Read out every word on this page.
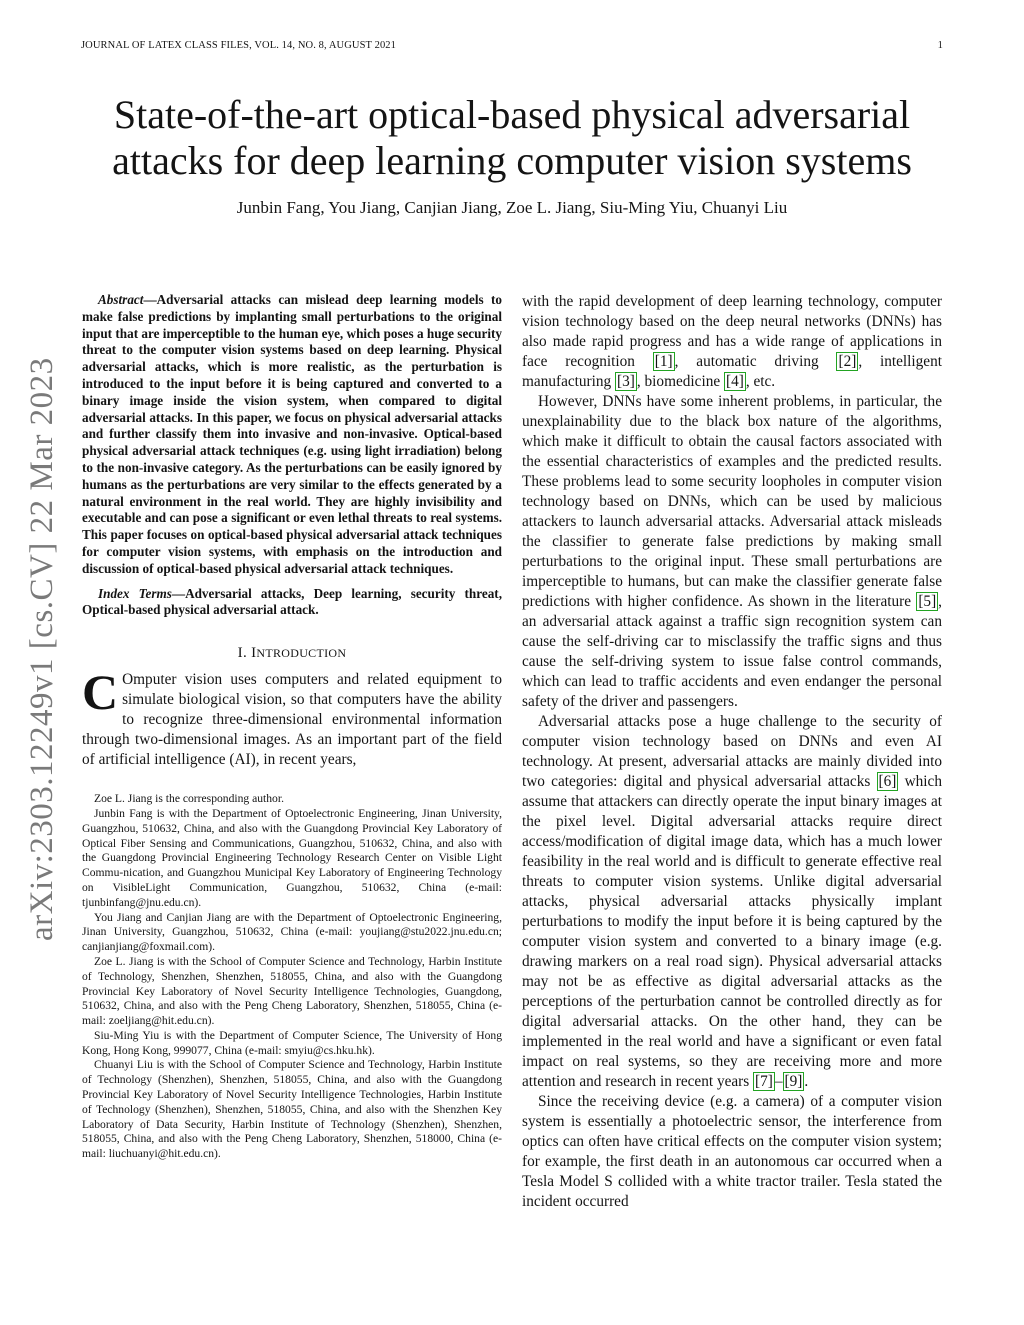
JOURNAL OF LATEX CLASS FILES, VOL. 14, NO. 8, AUGUST 2021	1
arXiv:2303.12249v1 [cs.CV] 22 Mar 2023
State-of-the-art optical-based physical adversarial attacks for deep learning computer vision systems
Junbin Fang, You Jiang, Canjian Jiang, Zoe L. Jiang, Siu-Ming Yiu, Chuanyi Liu

Abstract—Adversarial attacks can mislead deep learning models to make false predictions by implanting small perturbations to the original input that are imperceptible to the human eye, which poses a huge security threat to the computer vision systems based on deep learning. Physical adversarial attacks, which is more realistic, as the perturbation is introduced to the input before it is being captured and converted to a binary image inside the vision system, when compared to digital adversarial attacks. In this paper, we focus on physical adversarial attacks and further classify them into invasive and non-invasive. Optical-based physical adversarial attack techniques (e.g. using light irradiation) belong to the non-invasive category. As the perturbations can be easily ignored by humans as the perturbations are very similar to the effects generated by a natural environment in the real world. They are highly invisibility and executable and can pose a significant or even lethal threats to real systems. This paper focuses on optical-based physical adversarial attack techniques for computer vision systems, with emphasis on the introduction and discussion of optical-based physical adversarial attack techniques.

Index Terms—Adversarial attacks, Deep learning, security threat, Optical-based physical adversarial attack.

I. INTRODUCTION

C Omputer vision uses computers and related equipment to simulate biological vision, so that computers have the ability to recognize three-dimensional environmental information through two-dimensional images. As an important part of the field of artificial intelligence (AI), in recent years,

Zoe L. Jiang is the corresponding author.

Junbin Fang is with the Department of Optoelectronic Engineering, Jinan University, Guangzhou, 510632, China, and also with the Guangdong Provincial Key Laboratory of Optical Fiber Sensing and Communications, Guangzhou, 510632, China, and also with the Guangdong Provincial Engineering Technology Research Center on Visible Light Commu-nication, and Guangzhou Municipal Key Laboratory of Engineering Technology on VisibleLight Communication, Guangzhou, 510632, China (e-mail: tjunbinfang@jnu.edu.cn).

You Jiang and Canjian Jiang are with the Department of Optoelectronic Engineering, Jinan University, Guangzhou, 510632, China (e-mail: youjiang@stu2022.jnu.edu.cn; canjianjiang@foxmail.com).

Zoe L. Jiang is with the School of Computer Science and Technology, Harbin Institute of Technology, Shenzhen, Shenzhen, 518055, China, and also with the Guangdong Provincial Key Laboratory of Novel Security Intelligence Technologies, Guangdong, 510632, China, and also with the Peng Cheng Laboratory, Shenzhen, 518055, China (e-mail: zoeljiang@hit.edu.cn).

Siu-Ming Yiu is with the Department of Computer Science, The University of Hong Kong, Hong Kong, 999077, China (e-mail: smyiu@cs.hku.hk).

Chuanyi Liu is with the School of Computer Science and Technology, Harbin Institute of Technology (Shenzhen), Shenzhen, 518055, China, and also with the Guangdong Provincial Key Laboratory of Novel Security Intelligence Technologies, Harbin Institute of Technology (Shenzhen), Shenzhen, 518055, China, and also with the Shenzhen Key Laboratory of Data Security, Harbin Institute of Technology (Shenzhen), Shenzhen, 518055, China, and also with the Peng Cheng Laboratory, Shenzhen, 518000, China (e-mail: liuchuanyi@hit.edu.cn).

with the rapid development of deep learning technology, computer vision technology based on the deep neural networks (DNNs) has also made rapid progress and has a wide range of applications in face recognition [1] , automatic driving [2] , intelligent manufacturing [3] , biomedicine [4] , etc.

However, DNNs have some inherent problems, in particular, the unexplainability due to the black box nature of the algorithms, which make it difficult to obtain the causal factors associated with the essential characteristics of examples and the predicted results. These problems lead to some security loopholes in computer vision technology based on DNNs, which can be used by malicious attackers to launch adversarial attacks. Adversarial attack misleads the classifier to generate false predictions by making small perturbations to the original input. These small perturbations are imperceptible to humans, but can make the classifier generate false predictions with higher confidence. As shown in the literature [5] , an adversarial attack against a traffic sign recognition system can cause the self-driving car to misclassify the traffic signs and thus cause the self-driving system to issue false control commands, which can lead to traffic accidents and even endanger the personal safety of the driver and passengers.

Adversarial attacks pose a huge challenge to the security of computer vision technology based on DNNs and even AI technology. At present, adversarial attacks are mainly divided into two categories: digital and physical adversarial attacks [6] which assume that attackers can directly operate the input binary images at the pixel level. Digital adversarial attacks require direct access/modification of digital image data, which has a much lower feasibility in the real world and is difficult to generate effective real threats to computer vision systems. Unlike digital adversarial attacks, physical adversarial attacks physically implant perturbations to modify the input before it is being captured by the computer vision system and converted to a binary image (e.g. drawing markers on a real road sign). Physical adversarial attacks may not be as effective as digital adversarial attacks as the perceptions of the perturbation cannot be controlled directly as for digital adversarial attacks. On the other hand, they can be implemented in the real world and have a significant or even fatal impact on real systems, so they are receiving more and more attention and research in recent years [7] – [9] .

Since the receiving device (e.g. a camera) of a computer vision system is essentially a photoelectric sensor, the interference from optics can often have critical effects on the computer vision system; for example, the first death in an autonomous car occurred when a Tesla Model S collided with a white tractor trailer. Tesla stated the incident occurred
